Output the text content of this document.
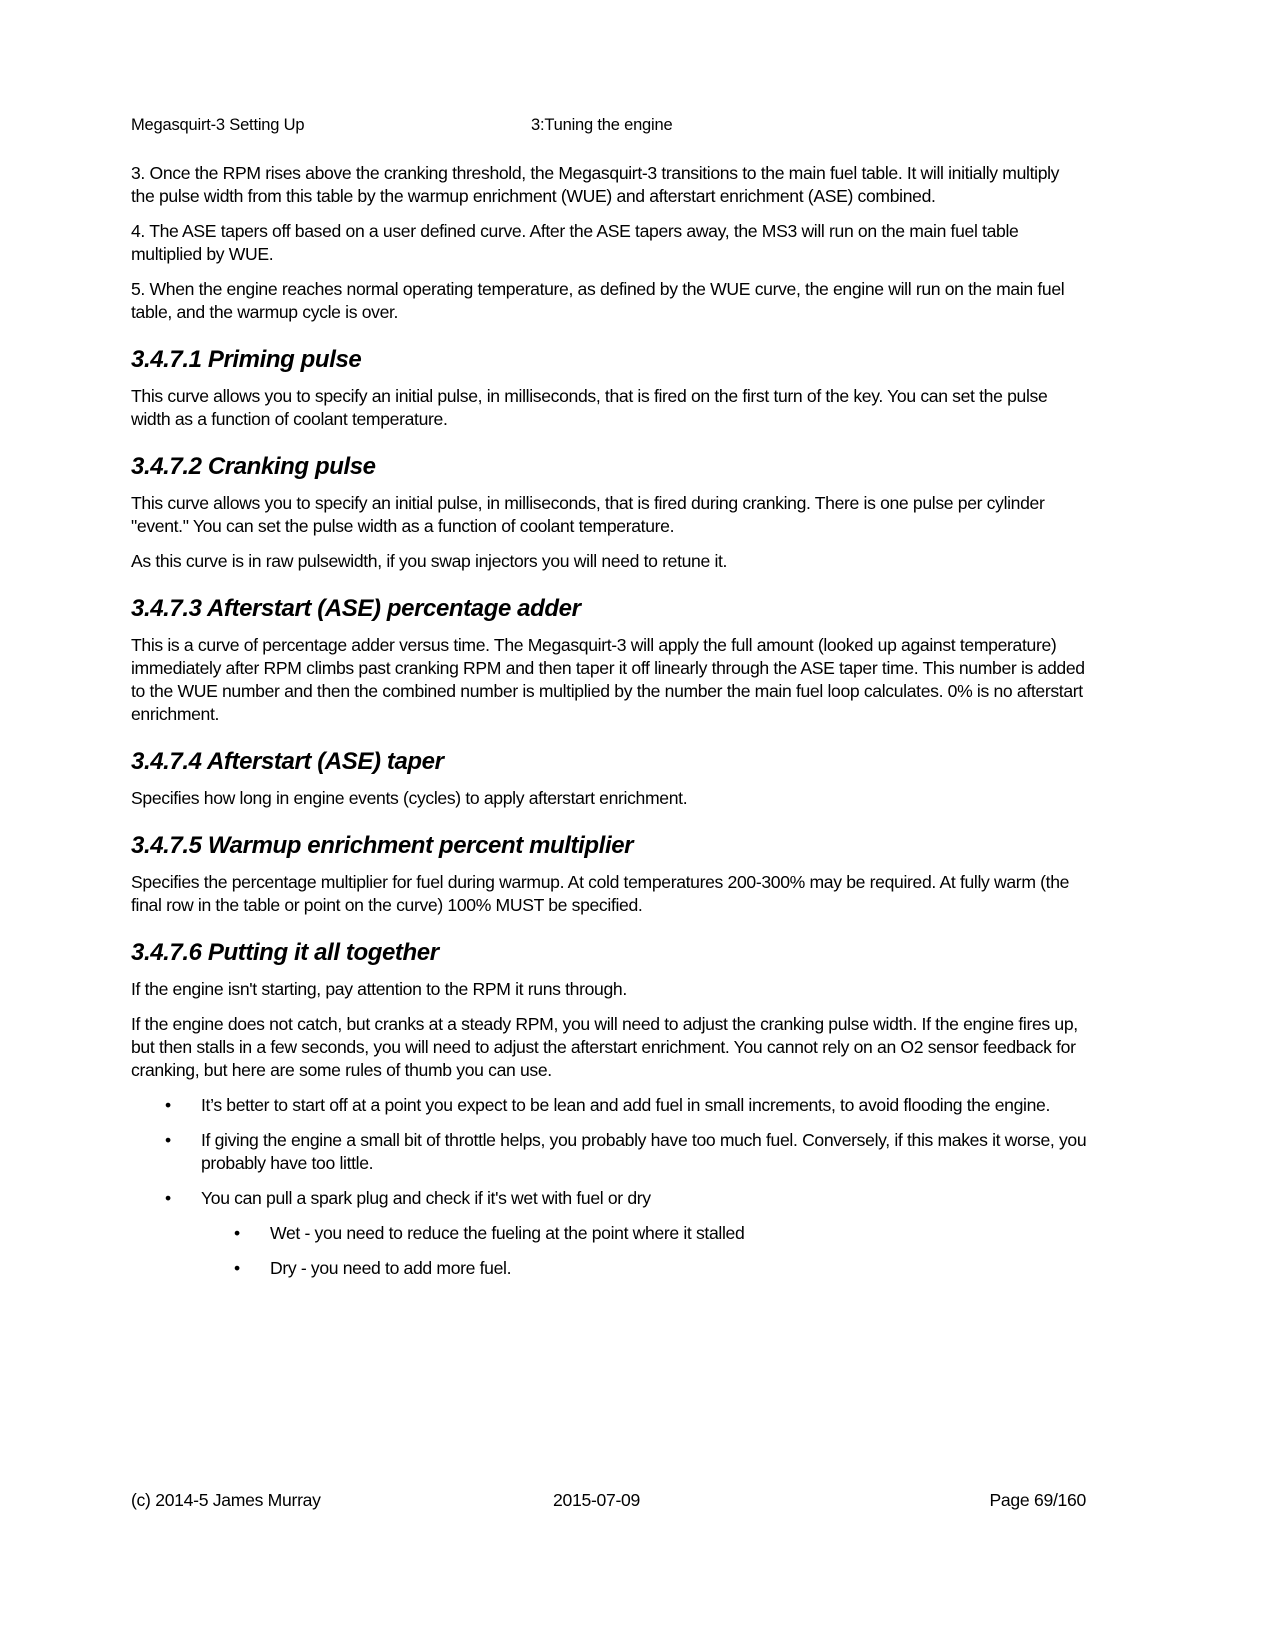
Megasquirt-3 Setting Up	3:Tuning the engine

3. Once the RPM rises above the cranking threshold, the Megasquirt-3 transitions to the main fuel table. It will initially multiply the pulse width from this table by the warmup enrichment (WUE) and afterstart enrichment (ASE) combined.

4. The ASE tapers off based on a user defined curve. After the ASE tapers away, the MS3 will run on the main fuel table multiplied by WUE.

5. When the engine reaches normal operating temperature, as defined by the WUE curve, the engine will run on the main fuel table, and the warmup cycle is over.

3.4.7.1 Priming pulse

This curve allows you to specify an initial pulse, in milliseconds, that is fired on the first turn of the key. You can set the pulse width as a function of coolant temperature.

3.4.7.2 Cranking pulse

This curve allows you to specify an initial pulse, in milliseconds, that is fired during cranking. There is one pulse per cylinder "event." You can set the pulse width as a function of coolant temperature.

As this curve is in raw pulsewidth, if you swap injectors you will need to retune it.

3.4.7.3 Afterstart (ASE) percentage adder

This is a curve of percentage adder versus time. The Megasquirt-3 will apply the full amount (looked up against temperature) immediately after RPM climbs past cranking RPM and then taper it off linearly through the ASE taper time. This number is added to the WUE number and then the combined number is multiplied by the number the main fuel loop calculates. 0% is no afterstart enrichment.

3.4.7.4 Afterstart (ASE) taper

Specifies how long in engine events (cycles) to apply afterstart enrichment.

3.4.7.5 Warmup enrichment percent multiplier

Specifies the percentage multiplier for fuel during warmup. At cold temperatures 200-300% may be required. At fully warm (the final row in the table or point on the curve) 100% MUST be specified.

3.4.7.6 Putting it all together

If the engine isn't starting, pay attention to the RPM it runs through.

If the engine does not catch, but cranks at a steady RPM, you will need to adjust the cranking pulse width. If the engine fires up, but then stalls in a few seconds, you will need to adjust the afterstart enrichment. You cannot rely on an O2 sensor feedback for cranking, but here are some rules of thumb you can use.

• It’s better to start off at a point you expect to be lean and add fuel in small increments, to avoid flooding the engine.
• If giving the engine a small bit of throttle helps, you probably have too much fuel. Conversely, if this makes it worse, you probably have too little.
• You can pull a spark plug and check if it's wet with fuel or dry
• Wet - you need to reduce the fueling at the point where it stalled
• Dry - you need to add more fuel.
(c) 2014-5 James Murray	2015-07-09	Page 69/160
